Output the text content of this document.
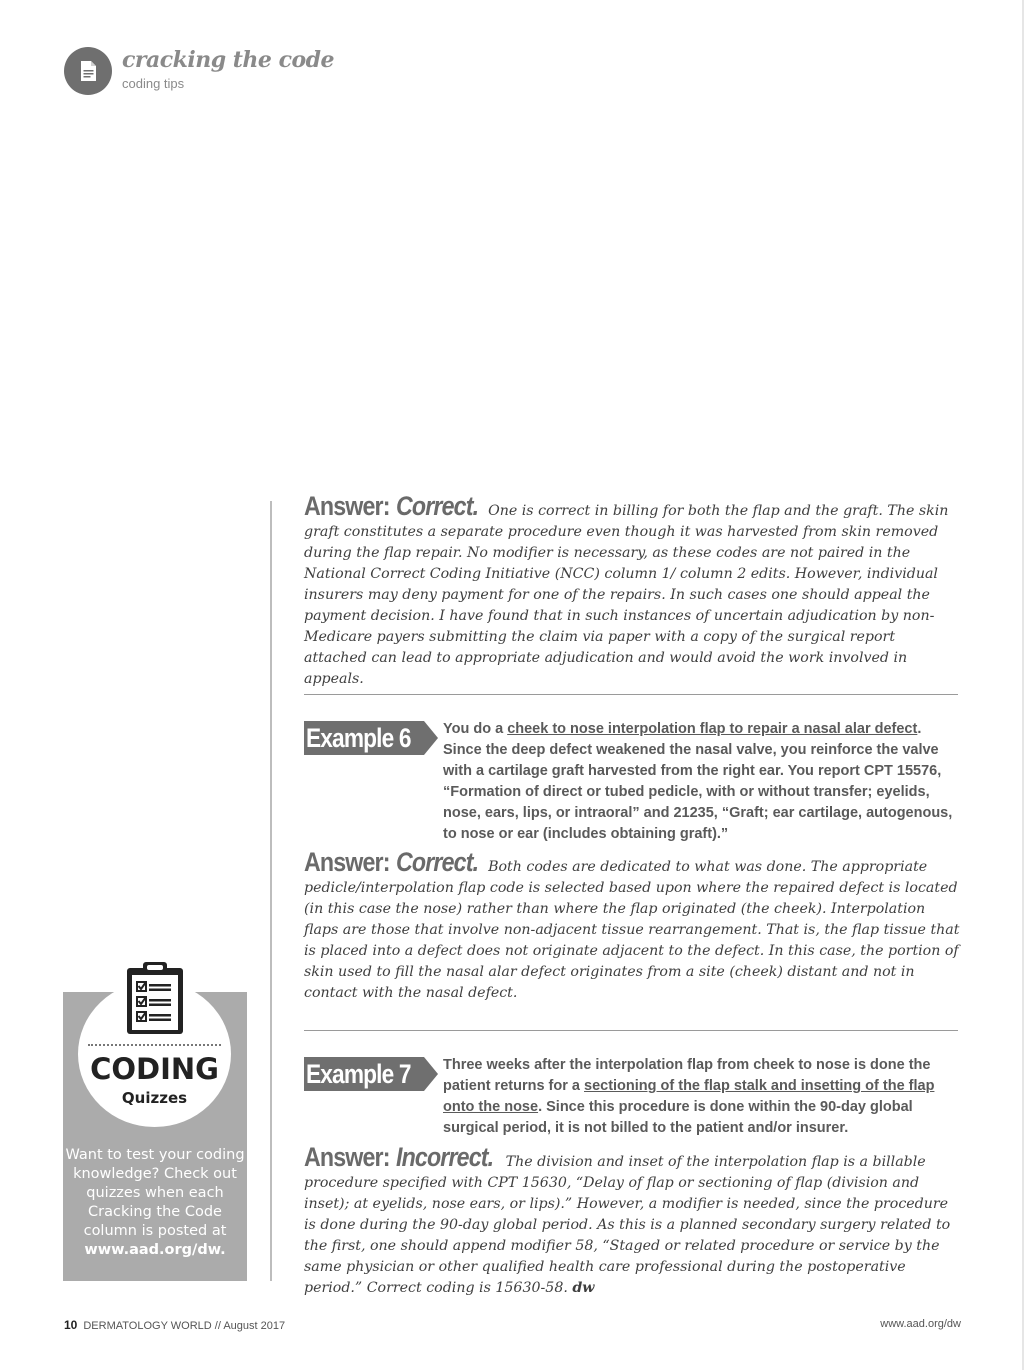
cracking the code
coding tips

Answer: Correct. One is correct in billing for both the flap and the graft. The skin graft constitutes a separate procedure even though it was harvested from skin removed during the flap repair. No modifier is necessary, as these codes are not paired in the National Correct Coding Initiative (NCC) column 1/ column 2 edits. However, individual insurers may deny payment for one of the repairs. In such cases one should appeal the payment decision. I have found that in such instances of uncertain adjudication by non-Medicare payers submitting the claim via paper with a copy of the surgical report attached can lead to appropriate adjudication and would avoid the work involved in appeals.

Example 6 You do a cheek to nose interpolation flap to repair a nasal alar defect. Since the deep defect weakened the nasal valve, you reinforce the valve with a cartilage graft harvested from the right ear. You report CPT 15576, “Formation of direct or tubed pedicle, with or without transfer; eyelids, nose, ears, lips, or intraoral” and 21235, “Graft; ear cartilage, autogenous, to nose or ear (includes obtaining graft).”

Answer: Correct. Both codes are dedicated to what was done. The appropriate pedicle/interpolation flap code is selected based upon where the repaired defect is located (in this case the nose) rather than where the flap originated (the cheek). Interpolation flaps are those that involve non-adjacent tissue rearrangement. That is, the flap tissue that is placed into a defect does not originate adjacent to the defect. In this case, the portion of skin used to fill the nasal alar defect originates from a site (cheek) distant and not in contact with the nasal defect.

Example 7 Three weeks after the interpolation flap from cheek to nose is done the patient returns for a sectioning of the flap stalk and insetting of the flap onto the nose. Since this procedure is done within the 90-day global surgical period, it is not billed to the patient and/or insurer.

Answer: Incorrect. The division and inset of the interpolation flap is a billable procedure specified with CPT 15630, “Delay of flap or sectioning of flap (division and inset); at eyelids, nose ears, or lips).” However, a modifier is needed, since the procedure is done during the 90-day global period. As this is a planned secondary surgery related to the first, one should append modifier 58, “Staged or related procedure or service by the same physician or other qualified health care professional during the postoperative period.” Correct coding is 15630-58. dw

CODING
Quizzes
Want to test your coding knowledge? Check out quizzes when each Cracking the Code column is posted at www.aad.org/dw.
10 DERMATOLOGY WORLD // August 2017	www.aad.org/dw
